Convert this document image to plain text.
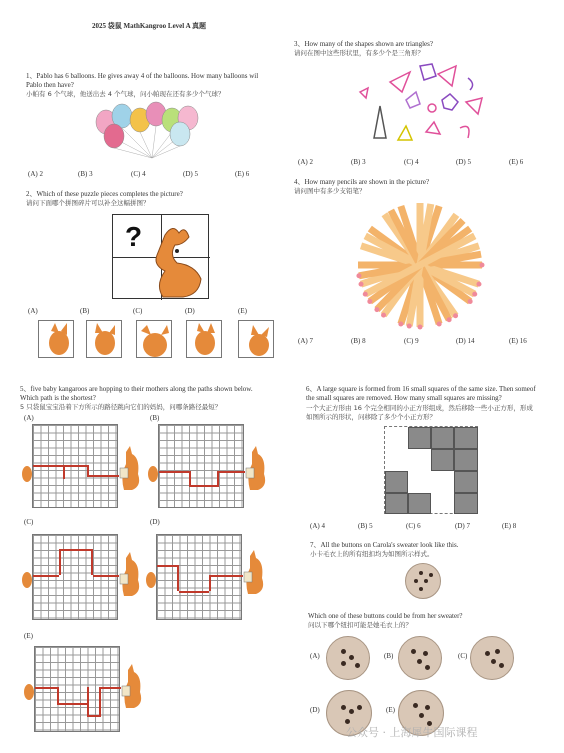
2025 袋鼠 MathKangroo Level A 真题
1、Pablo has 6 balloons. He gives away 4 of the balloons. How many balloons wil
Pablo then have?
小帕有 6 个气球，他送出去 4 个气球，问小帕现在还有多少个气球？
(A) 2	(B) 3	(C) 4	(D) 5	(E) 6
2、Which of these puzzle pieces completes the picture?
请问下面哪个拼图碎片可以补全这幅拼图？
?
(A)	(B)	(C)	(D)	(E)
3、How many of the shapes shown are triangles?
请问在图中这些形状里，有多少个是三角形？
(A) 2	(B) 3	(C) 4	(D) 5	(E) 6
4、How many pencils are shown in the picture?
请问图中有多少支铅笔？
(A) 7	(B) 8	(C) 9	(D) 14	(E) 16
5、five baby kangaroos are hopping to their mothers along the paths shown below.
Which path is the shortest?
5 只袋鼠宝宝沿着下方所示的路径跳向它们的妈妈，问哪条路径最短？
(A)	(B)
(C)	(D)
(E)
6、A large square is formed from 16 small squares of the same size. Then someof
the small squares are removed. How many small squares are missing?
一个大正方形由 16 个完全相同的小正方形组成，然后移除一些小正方形，形成
如图所示的形状，问移除了多少个小正方形？
(A) 4	(B) 5	(C) 6	(D) 7	(E) 8
7、All the buttons on Carola's sweater look like this.
小卡毛衣上的所有纽扣均为如图所示样式。
Which one of these buttons could be from her sweater?
问以下哪个纽扣可能是她毛衣上的？
(A)	(B)	(C)
(D)	(E)
公众号 · 上海犀牛国际课程
